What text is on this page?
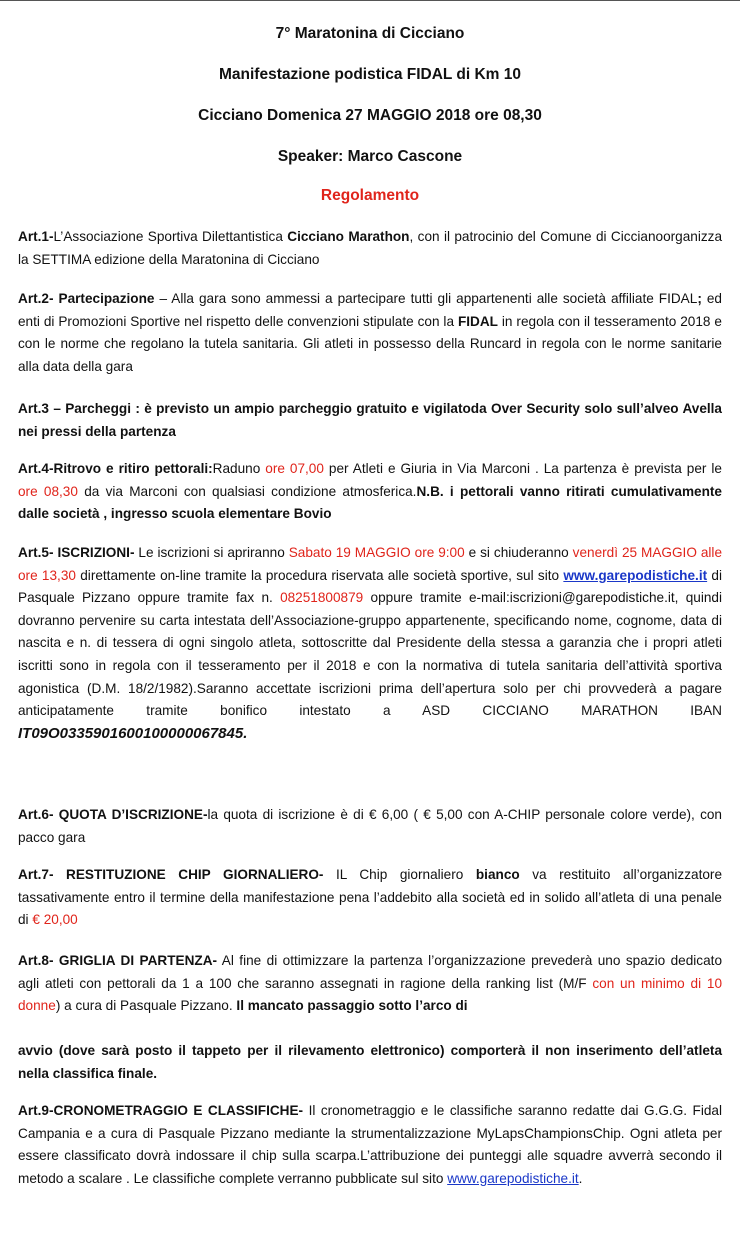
7° Maratonina di Cicciano
Manifestazione podistica FIDAL di Km 10
Cicciano Domenica 27 MAGGIO 2018 ore 08,30
Speaker: Marco Cascone
Regolamento
Art.1-L’Associazione Sportiva Dilettantistica Cicciano Marathon, con il patrocinio del Comune di Ciccianoorganizza la SETTIMA edizione della Maratonina di Cicciano
Art.2- Partecipazione – Alla gara sono ammessi a partecipare tutti gli appartenenti alle società affiliate FIDAL; ed enti di Promozioni Sportive nel rispetto delle convenzioni stipulate con la FIDAL in regola con il tesseramento 2018 e con le norme che regolano la tutela sanitaria. Gli atleti in possesso della Runcard in regola con le norme sanitarie alla data della gara
Art.3 – Parcheggi : è previsto un ampio parcheggio gratuito e vigilatoda Over Security solo sull’alveo Avella nei pressi della partenza
Art.4-Ritrovo e ritiro pettorali:Raduno ore 07,00 per Atleti e Giuria in Via Marconi . La partenza è prevista per le ore 08,30 da via Marconi con qualsiasi condizione atmosferica.N.B. i pettorali vanno ritirati cumulativamente dalle società , ingresso scuola elementare Bovio
Art.5- ISCRIZIONI- Le iscrizioni si apriranno Sabato 19 MAGGIO ore 9:00 e si chiuderanno venerdì 25 MAGGIO alle ore 13,30 direttamente on-line tramite la procedura riservata alle società sportive, sul sito www.garepodistiche.it di Pasquale Pizzano oppure tramite fax n. 08251800879 oppure tramite e-mail:iscrizioni@garepodistiche.it, quindi dovranno pervenire su carta intestata dell’Associazione-gruppo appartenente, specificando nome, cognome, data di nascita e n. di tessera di ogni singolo atleta, sottoscritte dal Presidente della stessa a garanzia che i propri atleti iscritti sono in regola con il tesseramento per il 2018 e con la normativa di tutela sanitaria dell’attività sportiva agonistica (D.M. 18/2/1982).Saranno accettate iscrizioni prima dell’apertura solo per chi provvederà a pagare anticipatamente tramite bonifico intestato a ASD CICCIANO MARATHON IBAN IT09O0335901600100000067845.
Art.6- QUOTA D’ISCRIZIONE-la quota di iscrizione è di € 6,00 ( € 5,00 con A-CHIP personale colore verde), con pacco gara
Art.7- RESTITUZIONE CHIP GIORNALIERO- IL Chip giornaliero bianco va restituito all’organizzatore tassativamente entro il termine della manifestazione pena l’addebito alla società ed in solido all’atleta di una penale di € 20,00
Art.8- GRIGLIA DI PARTENZA- Al fine di ottimizzare la partenza l’organizzazione prevederà uno spazio dedicato agli atleti con pettorali da 1 a 100 che saranno assegnati in ragione della ranking list (M/F con un minimo di 10 donne) a cura di Pasquale Pizzano. Il mancato passaggio sotto l’arco di
avvio (dove sarà posto il tappeto per il rilevamento elettronico) comporterà il non inserimento dell’atleta nella classifica finale.
Art.9-CRONOMETRAGGIO E CLASSIFICHE- Il cronometraggio e le classifiche saranno redatte dai G.G.G. Fidal Campania e a cura di Pasquale Pizzano mediante la strumentalizzazione MyLapsChampionsChip. Ogni atleta per essere classificato dovrà indossare il chip sulla scarpa.L’attribuzione dei punteggi alle squadre avverrà secondo il metodo a scalare . Le classifiche complete verranno pubblicate sul sito www.garepodistiche.it.
